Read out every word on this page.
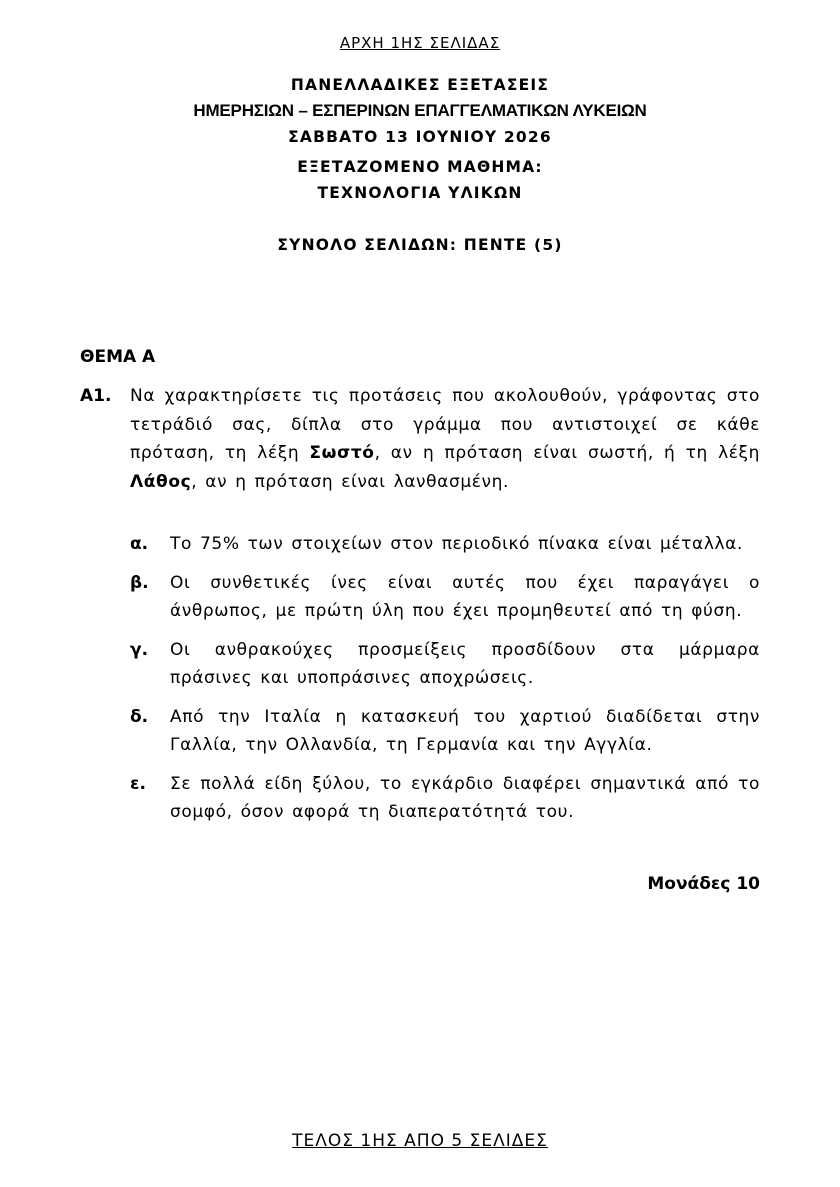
ΑΡΧΗ 1ΗΣ ΣΕΛΙΔΑΣ
ΠΑΝΕΛΛΑΔΙΚΕΣ ΕΞΕΤΑΣΕΙΣ
ΗΜΕΡΗΣΙΩΝ – ΕΣΠΕΡΙΝΩΝ ΕΠΑΓΓΕΛΜΑΤΙΚΩΝ ΛΥΚΕΙΩΝ
ΣΑΒΒΑΤΟ 13 ΙΟΥΝΙΟΥ 2026
ΕΞΕΤΑΖΟΜΕΝΟ ΜΑΘΗΜΑ:
ΤΕΧΝΟΛΟΓΙΑ ΥΛΙΚΩΝ
ΣΥΝΟΛΟ ΣΕΛΙΔΩΝ: ΠΕΝΤΕ (5)
ΘΕΜΑ Α
Α1. Να χαρακτηρίσετε τις προτάσεις που ακολουθούν, γράφοντας στο τετράδιό σας, δίπλα στο γράμμα που αντιστοιχεί σε κάθε πρόταση, τη λέξη Σωστό, αν η πρόταση είναι σωστή, ή τη λέξη Λάθος, αν η πρόταση είναι λανθασμένη.
α.	Το 75% των στοιχείων στον περιοδικό πίνακα είναι μέταλλα.
β.	Οι συνθετικές ίνες είναι αυτές που έχει παραγάγει ο άνθρωπος, με πρώτη ύλη που έχει προμηθευτεί από τη φύση.
γ.	Οι ανθρακούχες προσμείξεις προσδίδουν στα μάρμαρα πράσινες και υποπράσινες αποχρώσεις.
δ.	Από την Ιταλία η κατασκευή του χαρτιού διαδίδεται στην Γαλλία, την Ολλανδία, τη Γερμανία και την Αγγλία.
ε.	Σε πολλά είδη ξύλου, το εγκάρδιο διαφέρει σημαντικά από το σομφό, όσον αφορά τη διαπερατότητά του.
Μονάδες 10
ΤΕΛΟΣ 1ΗΣ ΑΠΟ 5 ΣΕΛΙΔΕΣ
